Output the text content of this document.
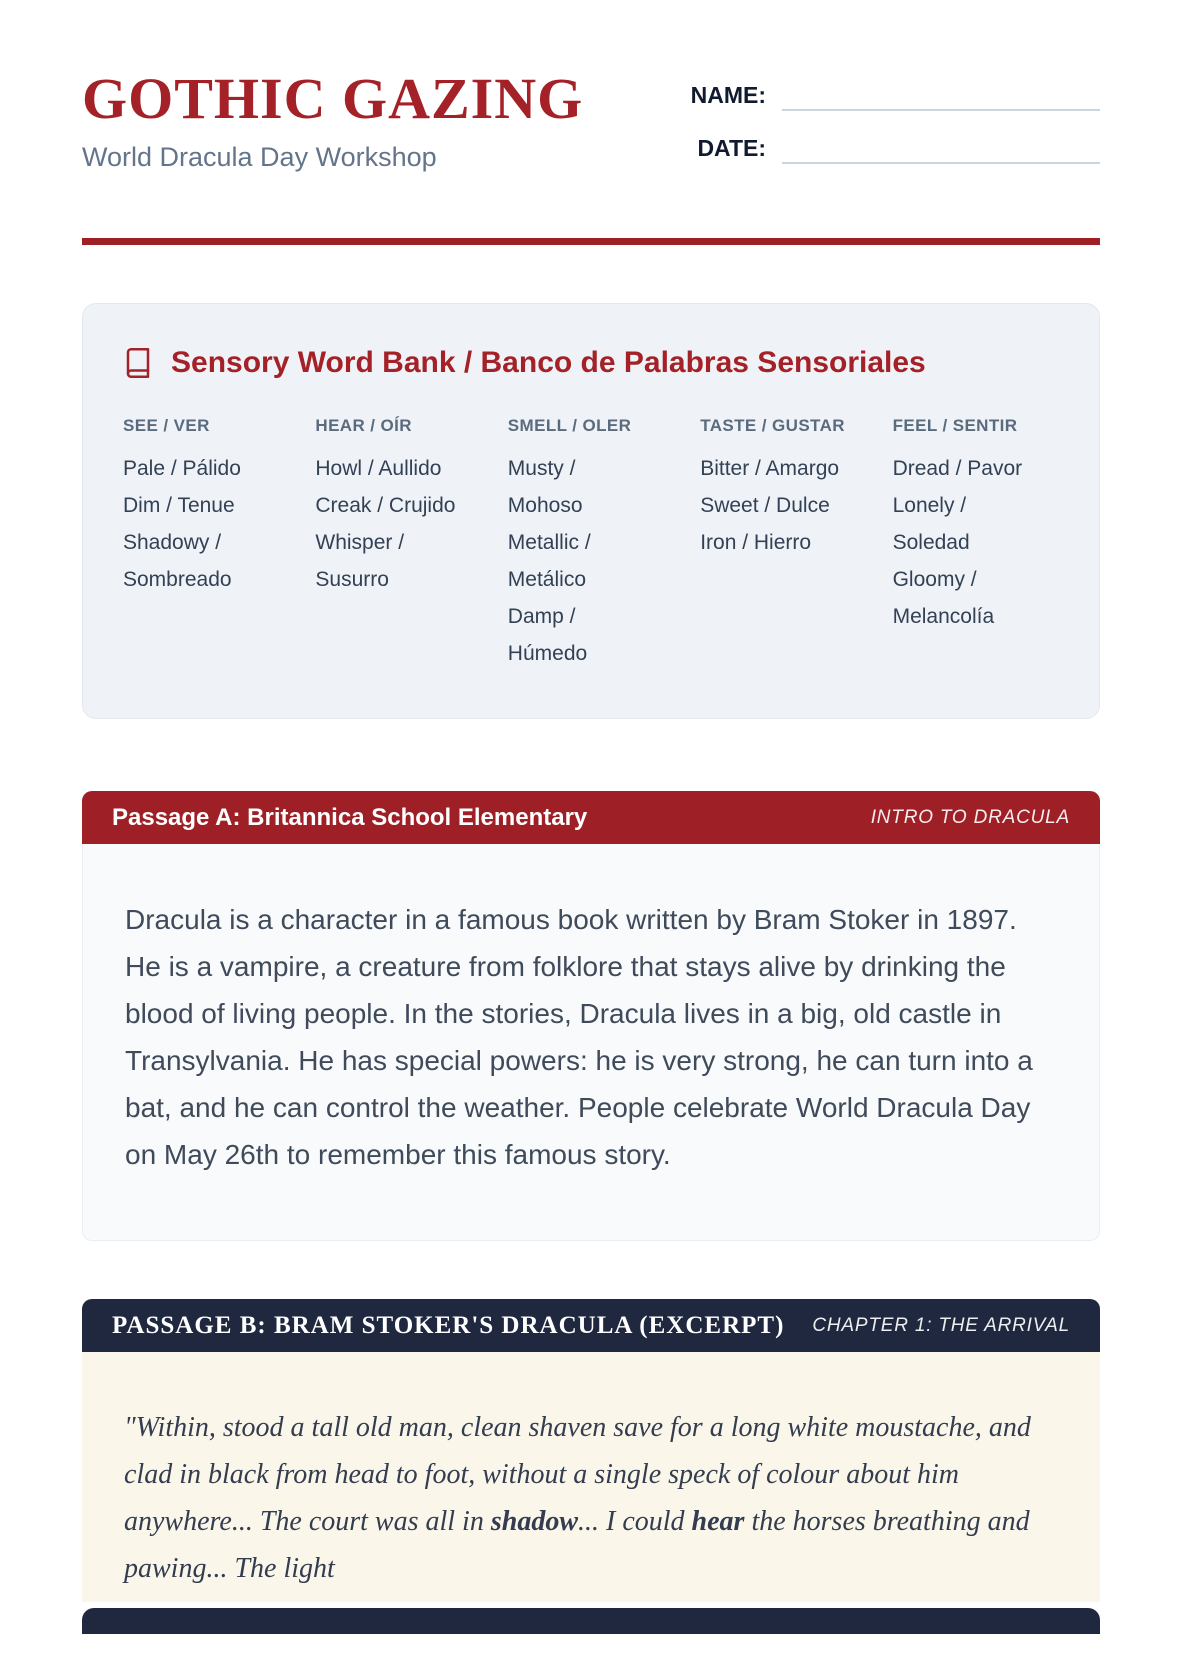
GOTHIC GAZING
World Dracula Day Workshop
NAME:
DATE:
Sensory Word Bank / Banco de Palabras Sensoriales
SEE / VER
Pale / Pálido
Dim / Tenue
Shadowy /
Sombreado
HEAR / OÍR
Howl / Aullido
Creak / Crujido
Whisper /
Susurro
SMELL / OLER
Musty /
Mohoso
Metallic /
Metálico
Damp /
Húmedo
TASTE / GUSTAR
Bitter / Amargo
Sweet / Dulce
Iron / Hierro
FEEL / SENTIR
Dread / Pavor
Lonely /
Soledad
Gloomy /
Melancolía
Passage A: Britannica School Elementary	INTRO TO DRACULA
Dracula is a character in a famous book written by Bram Stoker in 1897. He is a vampire, a creature from folklore that stays alive by drinking the blood of living people. In the stories, Dracula lives in a big, old castle in Transylvania. He has special powers: he is very strong, he can turn into a bat, and he can control the weather. People celebrate World Dracula Day on May 26th to remember this famous story.
PASSAGE B: BRAM STOKER'S DRACULA (EXCERPT) CHAPTER 1: THE ARRIVAL
"Within, stood a tall old man, clean shaven save for a long white moustache, and clad in black from head to foot, without a single speck of colour about him anywhere... The court was all in shadow... I could hear the horses breathing and pawing... The light
